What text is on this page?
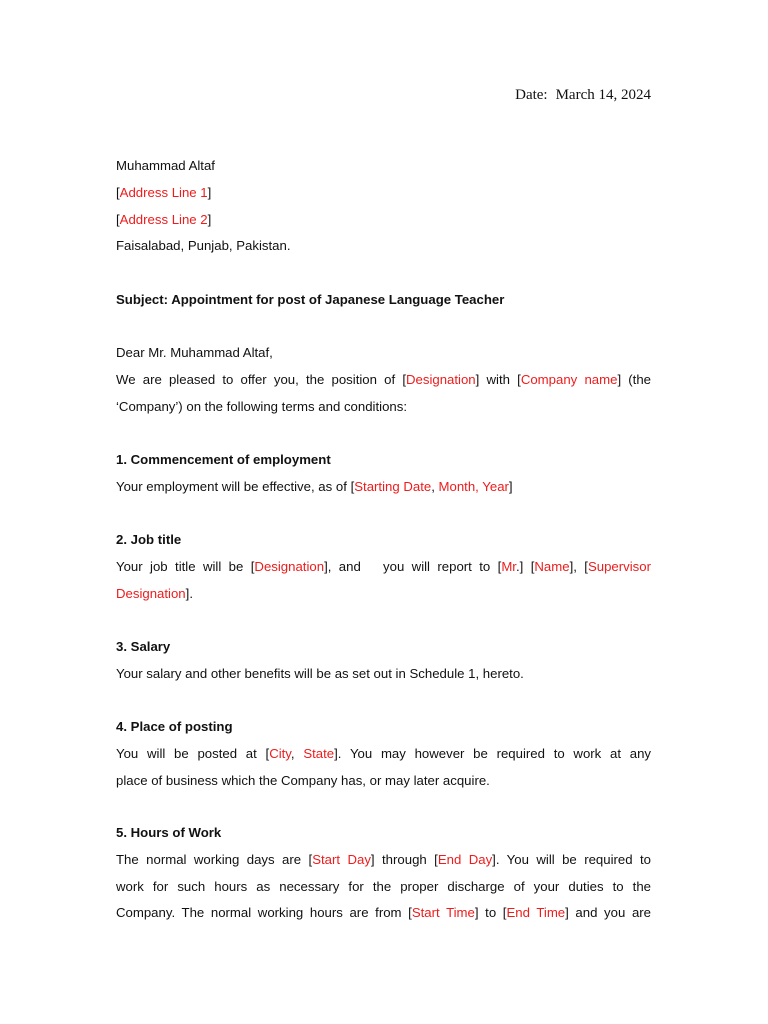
Date: March 14, 2024
Muhammad Altaf
[Address Line 1]
[Address Line 2]
Faisalabad, Punjab, Pakistan.
Subject: Appointment for post of Japanese Language Teacher
Dear Mr. Muhammad Altaf,
We are pleased to offer you, the position of [Designation] with [Company name] (the
‘Company’) on the following terms and conditions:
1. Commencement of employment
Your employment will be effective, as of [Starting Date, Month, Year]
2. Job title
Your job title will be [Designation], and   you will report to [Mr.] [Name], [Supervisor
Designation].
3. Salary
Your salary and other benefits will be as set out in Schedule 1, hereto.
4. Place of posting
You will be posted at [City, State]. You may however be required to work at any
place of business which the Company has, or may later acquire.
5. Hours of Work
The normal working days are [Start Day] through [End Day]. You will be required to
work for such hours as necessary for the proper discharge of your duties to the
Company. The normal working hours are from [Start Time] to [End Time] and you are
